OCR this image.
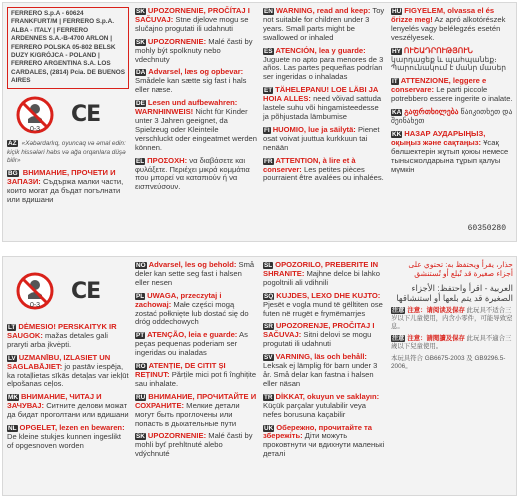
FERRERO S.p.A - 60624 FRANKFURT/M | FERRERO S.p.A. ALBA - ITALY | FERRERO ARDENNES S.A.-B-4700 ARLON | FERRERO POLSKA 05-802 BELSK DUZY K/GRÓJCA - POLAND | FERRERO ARGENTINA S.A. LOS CARDALES, (2814) Pcia. DE BUENOS AIRES
0-3
CE
AZ «Xəbərdarlıq, oyuncaq və əmal edin: kiçik hissələri həbs və ağa orqanlara düşə bilir»
BG ВНИМАНИЕ, ПРОЧЕТИ И ЗАПАЗИ: Съдържа малки части, които могат да бъдат погълнати или вдишани
SK UPOZORNENIE, PROČÍTAJ I SAČUVAJ: Stne djelove mogu se slučajno progutati ili udahnuti
SK UPOZORNENIE: Malé časti by mohly být spolknuty nebo vdechnuty
DA Advarsel, læs og opbevar: Smådele kan sætte sig fast i hals eller næse.
DE Lesen und aufbewahren: WARNHINWEIS! Nicht für Kinder unter 3 Jahren geeignet, da Spielzeug oder Kleinteile verschluckt oder eingeatmet werden können.
EL ΠΡΟΣΟΧΗ: να διαβάσετε και φυλάξετε. Περιέχει μικρά κομμάτια που μπορεί να καταπιούν ή να εισπνεύσουν.
EN WARNING, read and keep: Toy not suitable for children under 3 years. Small parts might be swallowed or inhaled
ES ATENCIÓN, lea y guarde: Juguete no apto para menores de 3 años. Las partes pequeñas podrían ser ingeridas o inhaladas
ET TÄHELEPANU! LOE LÄBI JA HOIA ALLES: need võivad sattuda lastele suhu või hingamisteedesse ja põhjustada lämbumise
FI HUOMIO, lue ja säilytä: Pienet osat voivat juuttua kurkkuun tai nenään
FR ATTENTION, à lire et à conserver: Les petites pièces pourraient être avalées ou inhalées.
HU FIGYELEM, olvassa el és őrizze meg! Az apró alkotórészek lenyelés vagy belélegzés esetén veszélyesek.
HY ՈՒՇԱԴՐՈՒԹՅՈՒՆ կարդացեք և պահպանեք։ Պարունակում է մանր մասեր
IT ATTENZIONE, leggere e conservare: Le parti piccole potrebbero essere ingerite o inalate.
KA გაფრთხილება წაიკითხეთ და შეინახეთ
KK НАЗАР АУДАРЫҢЫЗ, оқыңыз және сақтаңыз: Ұсақ бөлшектерін жұтып қоюы немесе тынысжолдарына тұрып қалуы мүмкін
60350280
0-3
CE
LT DĖMESIO! PERSKAITYK IR SAUGOK: mažas detales gali praryti arba įkvėpti.
LV UZMANĪBU, IZLASIET UN SAGLABĀJIET: jo pastāv iespēja, ka rotaļlietas sīkās detaļas var iekļūt elpošanas ceļos.
MK ВНИМАНИЕ, ЧИТАЈ И ЗАЧУВАЈ: Ситните делови можат да бидат проголтани или вдишани
NL OPGELET, lezen en bewaren: De kleine stukjes kunnen ingeslikt of opgesnoven worden
NO Advarsel, les og behold: Små deler kan sette seg fast i halsen eller nesen
PL UWAGA, przeczytaj i zachowaj: Małe części mogą zostać połknięte lub dostać się do dróg oddechowych
PT ATENÇÃO, leia e guarde: As peças pequenas poderiam ser ingeridas ou inaladas
RO ATENȚIE, DE CITIT ȘI REȚINUT: Părțile mici pot fi înghițite sau inhalate.
RU ВНИМАНИЕ, ПРОЧИТАЙТЕ И СОХРАНИТЕ: Мелкие детали могут быть проглочены или попасть в дыхательные пути
SK UPOZORNENIE: Malé časti by mohli byť prehltnuté alebo vdýchnuté
SL OPOZORILO, PREBERITE IN SHRANITE: Majhne delce bi lahko pogoltnili ali vdihnili
SQ KUJDES, LEXO DHE KUJTO: Pjesët e vogla mund të gëlltiten ose futen në rrugët e frymëmarrjes
SR UPOZORENJE, PROČITAJ I SAČUVAJ: Sitni delovi se mogu progutati ili udahnuti
SV VARNING, läs och behåll: Leksak ej lämplig för barn under 3 år. Små delar kan fastna i halsen eller näsan
TR DİKKAT, okuyun ve saklayın: Küçük parçalar yutulabilir veya nefes borusuna kaçabilir
UK Обережно, прочитайте та збережіть: Діти можуть проковтнути чи вдихнути маленькі деталі
حذار، يقرأ ويحتفظ به: تحتوي على أجزاء صغيرة قد تُبلع أو تُستنشق
العربية - اقرأ واحتفظ: الأجزاء الصغيرة قد يتم بلعها أو استنشاقها
注意 注意：请阅读及保存 此玩具不适合三岁以下儿童使用，内含小零件，可能导致窒息。
注意 注意：請閱讀及保存 此玩具不適合三歲以下兒童使用。
本玩具符合 GB6675-2003 及 GB9296.5-2006。
